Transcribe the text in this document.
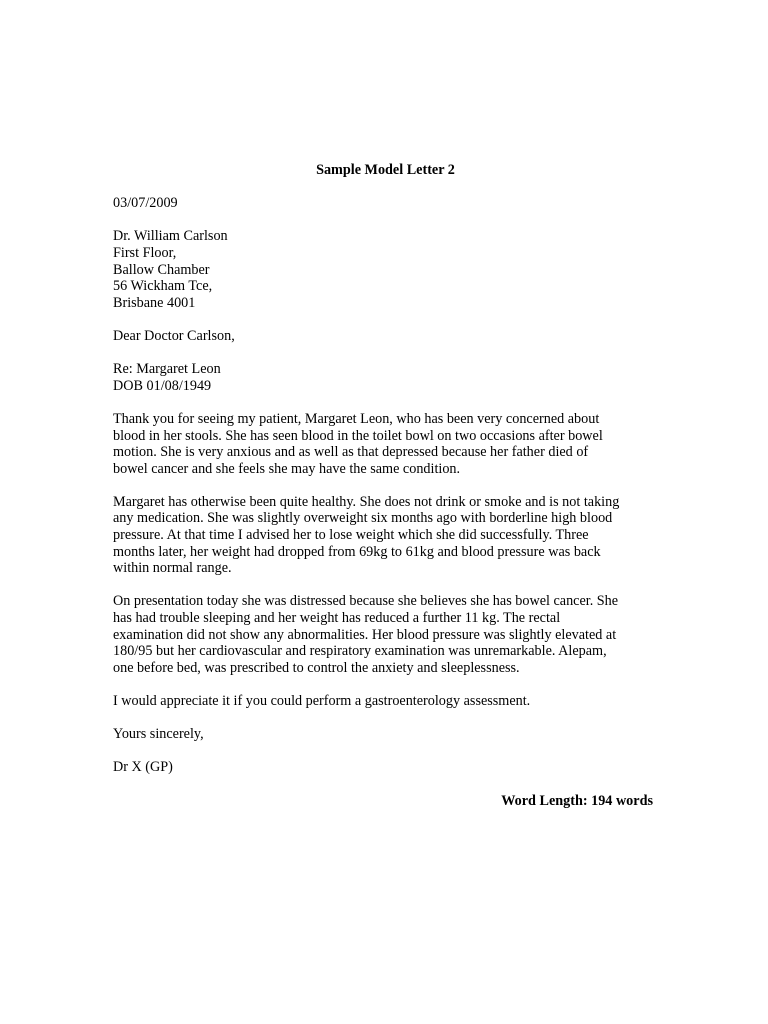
Sample Model Letter 2
03/07/2009
Dr. William Carlson
First Floor,
Ballow Chamber
56 Wickham Tce,
Brisbane 4001
Dear Doctor Carlson,
Re: Margaret Leon
DOB 01/08/1949
Thank you for seeing my patient, Margaret Leon, who has been very concerned about
blood in her stools. She has seen blood in the toilet bowl on two occasions after bowel
motion. She is very anxious and as well as that depressed because her father died of
bowel cancer and she feels she may have the same condition.
Margaret has otherwise been quite healthy. She does not drink or smoke and is not taking
any medication. She was slightly overweight six months ago with borderline high blood
pressure. At that time I advised her to lose weight which she did successfully. Three
months later, her weight had dropped from 69kg to 61kg and blood pressure was back
within normal range.
On presentation today she was distressed because she believes she has bowel cancer. She
has had trouble sleeping and her weight has reduced a further 11 kg. The rectal
examination did not show any abnormalities. Her blood pressure was slightly elevated at
180/95 but her cardiovascular and respiratory examination was unremarkable. Alepam,
one before bed, was prescribed to control the anxiety and sleeplessness.
I would appreciate it if you could perform a gastroenterology assessment.
Yours sincerely,
Dr X (GP)
Word Length: 194 words
